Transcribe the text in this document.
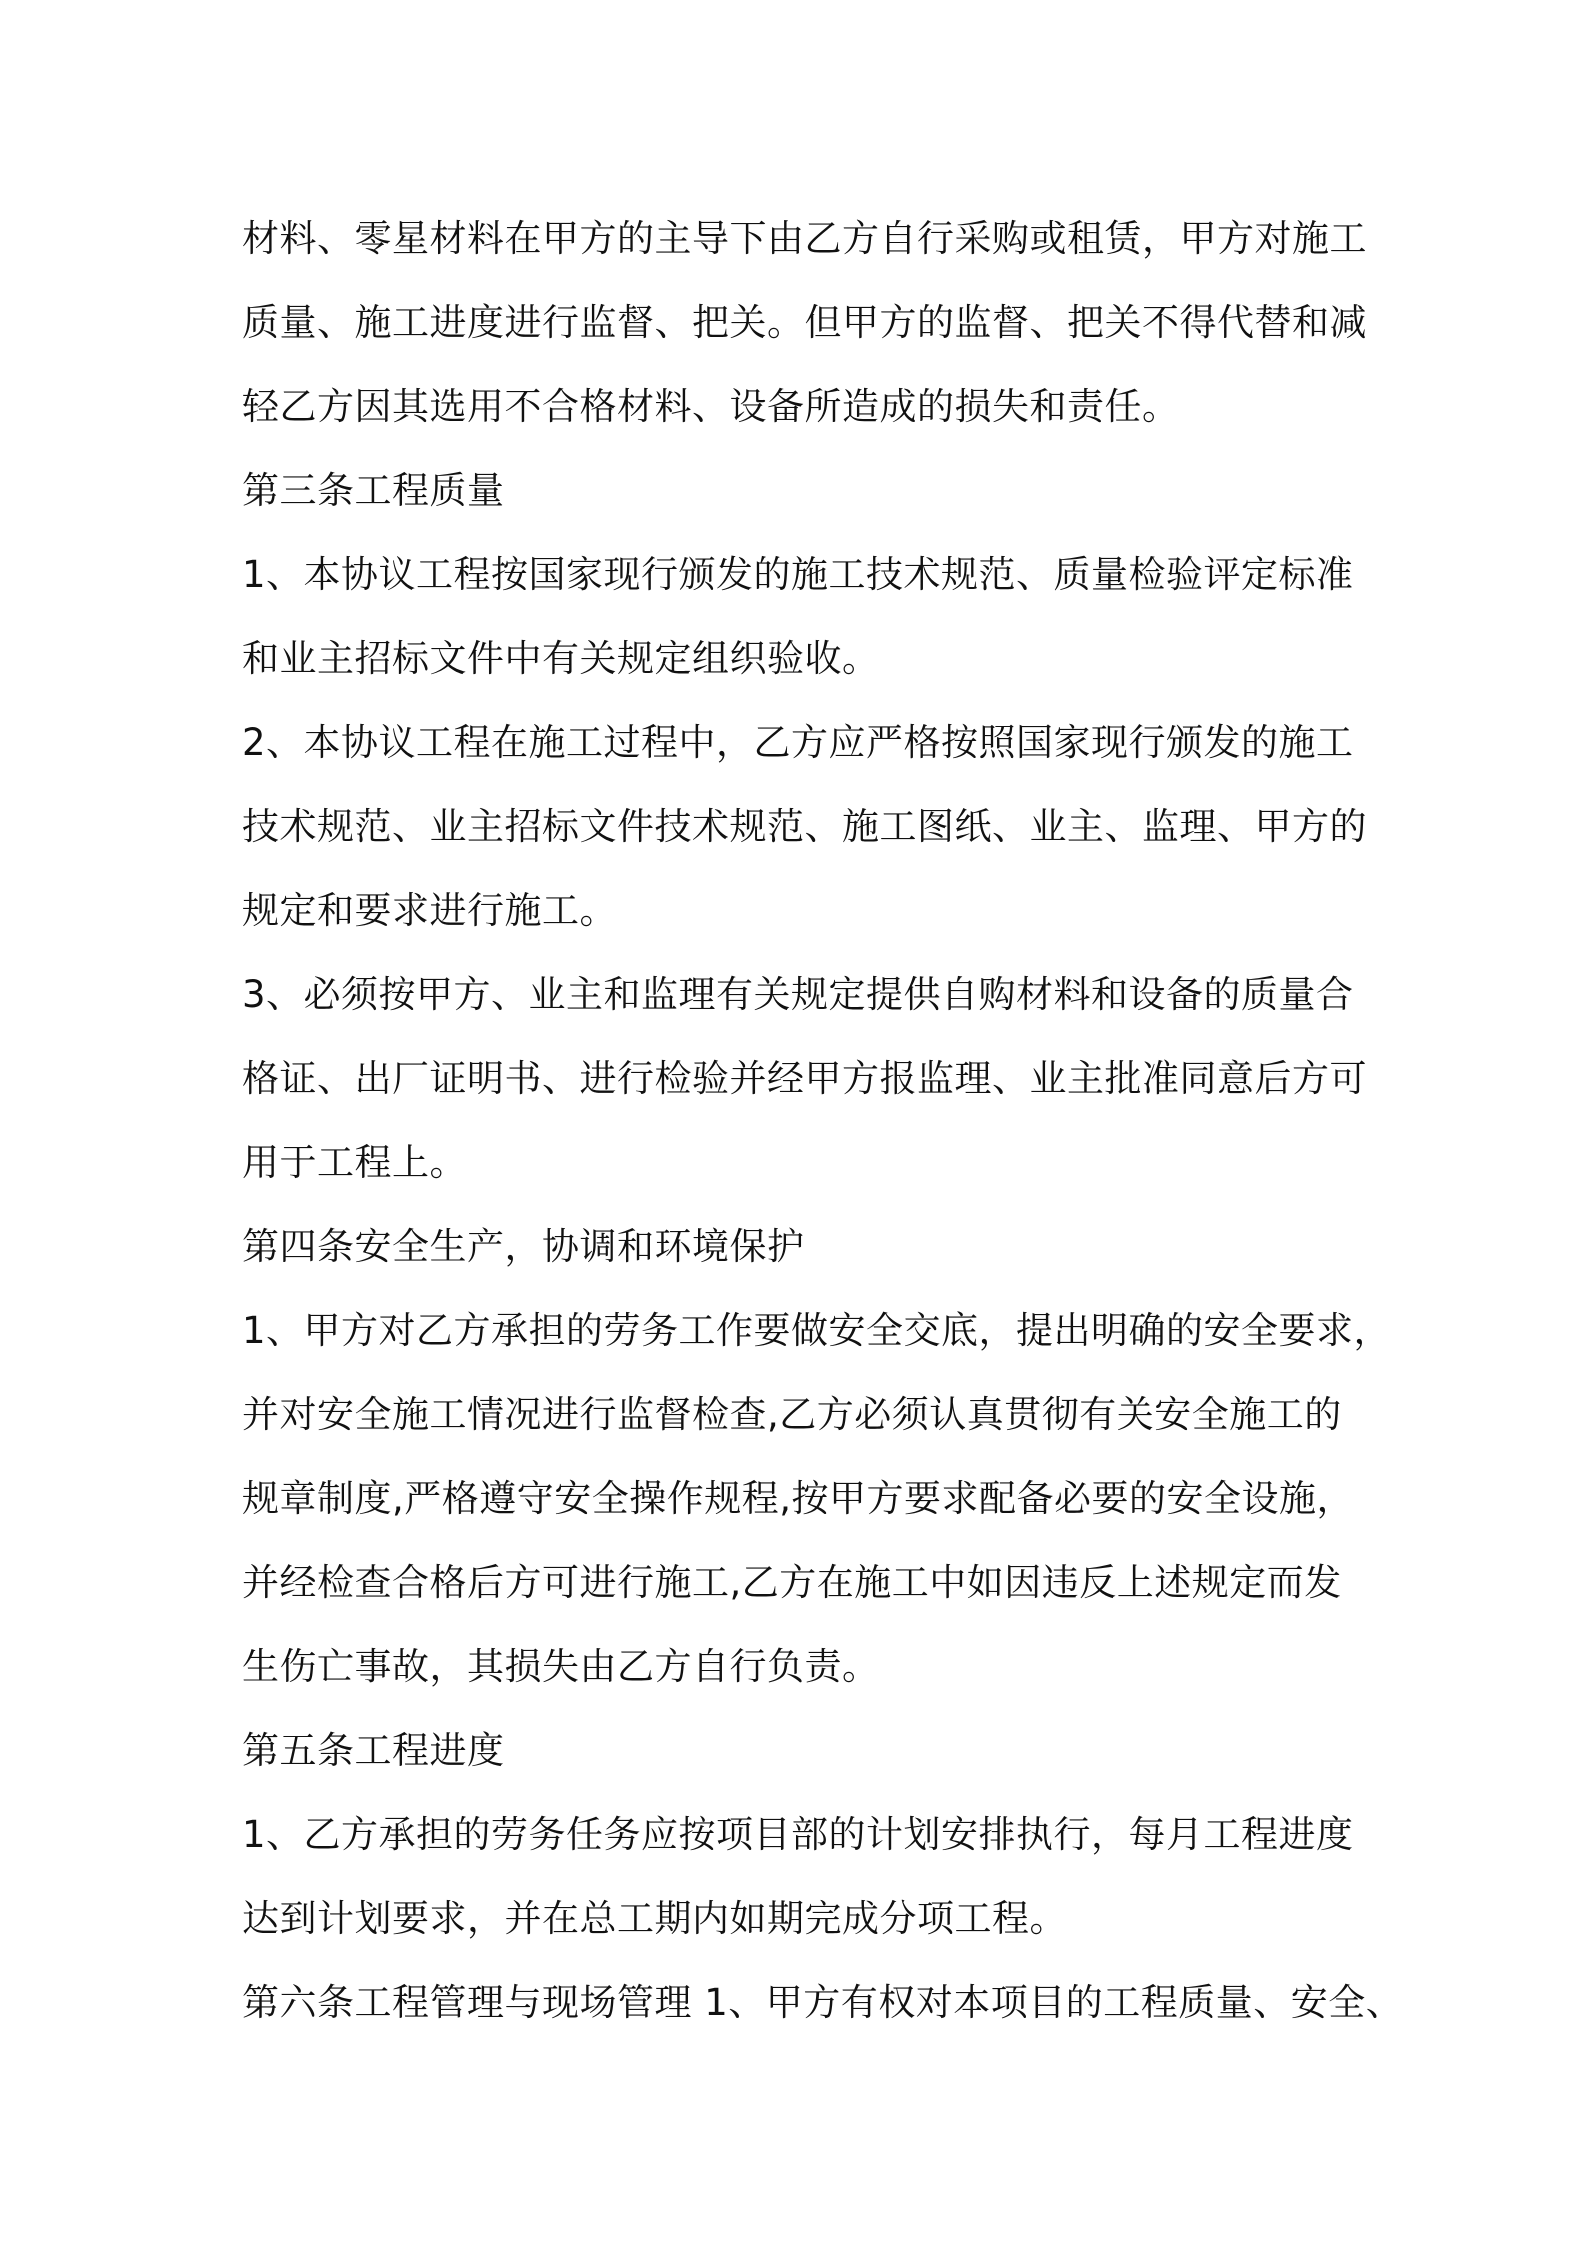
材料、零星材料在甲方的主导下由乙方自行采购或租赁，甲方对施工
质量、施工进度进行监督、把关。但甲方的监督、把关不得代替和减
轻乙方因其选用不合格材料、设备所造成的损失和责任。
第三条工程质量
1、本协议工程按国家现行颁发的施工技术规范、质量检验评定标准
和业主招标文件中有关规定组织验收。
2、本协议工程在施工过程中，乙方应严格按照国家现行颁发的施工
技术规范、业主招标文件技术规范、施工图纸、业主、监理、甲方的
规定和要求进行施工。
3、必须按甲方、业主和监理有关规定提供自购材料和设备的质量合
格证、出厂证明书、进行检验并经甲方报监理、业主批准同意后方可
用于工程上。
第四条安全生产，协调和环境保护
1、甲方对乙方承担的劳务工作要做安全交底，提出明确的安全要求，
并对安全施工情况进行监督检查,乙方必须认真贯彻有关安全施工的
规章制度,严格遵守安全操作规程,按甲方要求配备必要的安全设施，
并经检查合格后方可进行施工,乙方在施工中如因违反上述规定而发
生伤亡事故，其损失由乙方自行负责。
第五条工程进度
1、乙方承担的劳务任务应按项目部的计划安排执行，每月工程进度
达到计划要求，并在总工期内如期完成分项工程。
第六条工程管理与现场管理 1、甲方有权对本项目的工程质量、安全、
